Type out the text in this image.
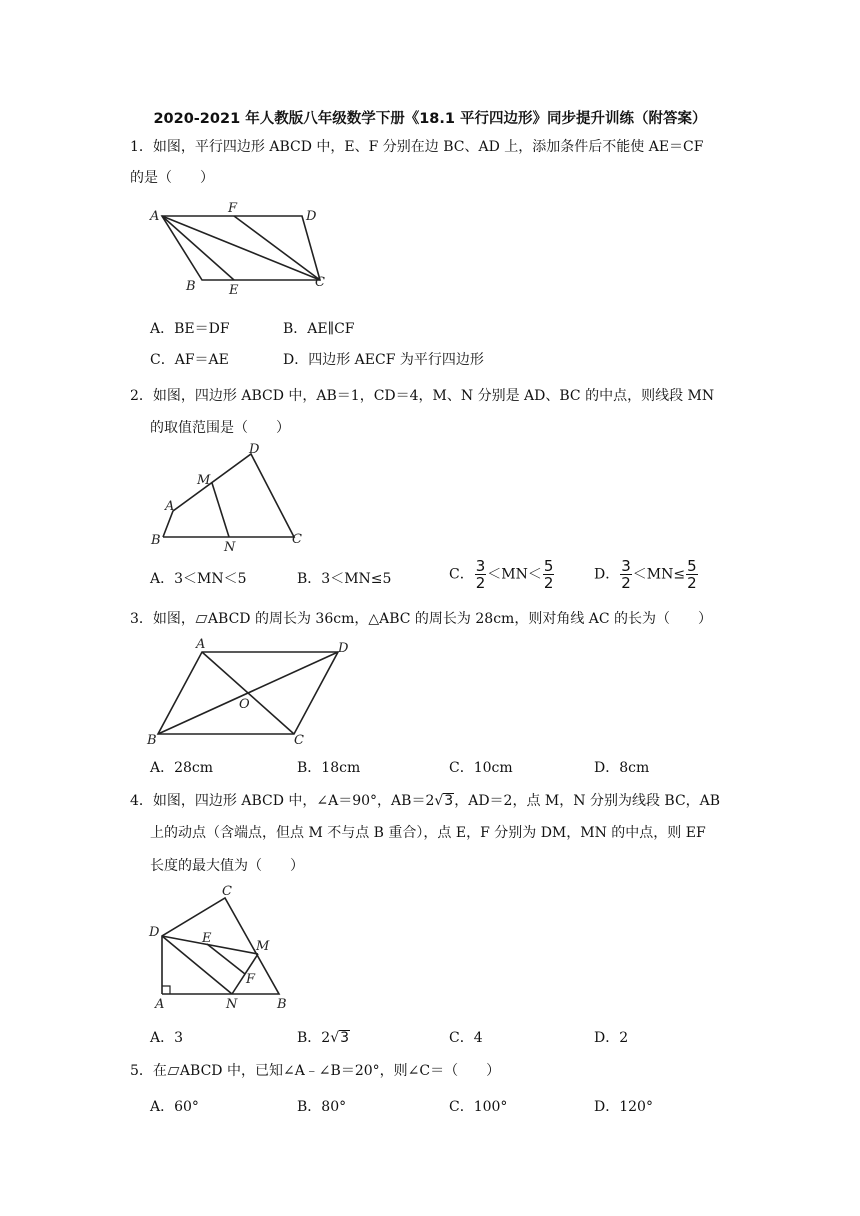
2020-2021 年人教版八年级数学下册《18.1 平行四边形》同步提升训练（附答案）
1．如图，平行四边形 ABCD 中，E、F 分别在边 BC、AD 上，添加条件后不能使 AE＝CF
的是（　　）
A
F
D
B	E
C
A．BE＝DF	B．AE∥CF
C．AF＝AE	D．四边形 AECF 为平行四边形
2．如图，四边形 ABCD 中，AB＝1，CD＝4，M、N 分别是 AD、BC 的中点，则线段 MN
的取值范围是（　　）
D
M
A
B	N
C
A．3＜MN＜5	B．3＜MN≤5	C． $\frac{3}{2} <MN< \frac{5}{2}$	D． $\frac{3}{2} <MN\le \frac{5}{2}$
3．如图， ABCD 的周长为 36cm，△ABC 的周长为 28cm，则对角线 AC 的长为（　　）
A	D
O
B	C
A．28cm	B．18cm	C．10cm	D．8cm
4．如图，四边形 ABCD 中，∠A＝90°，AB＝2√3，AD＝2，点 M，N 分别为线段 BC，AB
上的动点（含端点，但点 M 不与点 B 重合），点 E，F 分别为 DM，MN 的中点，则 EF
长度的最大值为（　　）
C
D	E
M
F
A	N	B
A．3	B．2√3	C．4	D．2
5．在 ABCD 中，已知∠A﹣∠B＝20°，则∠C＝（　　）
A．60°	B．80°	C．100°	D．120°
